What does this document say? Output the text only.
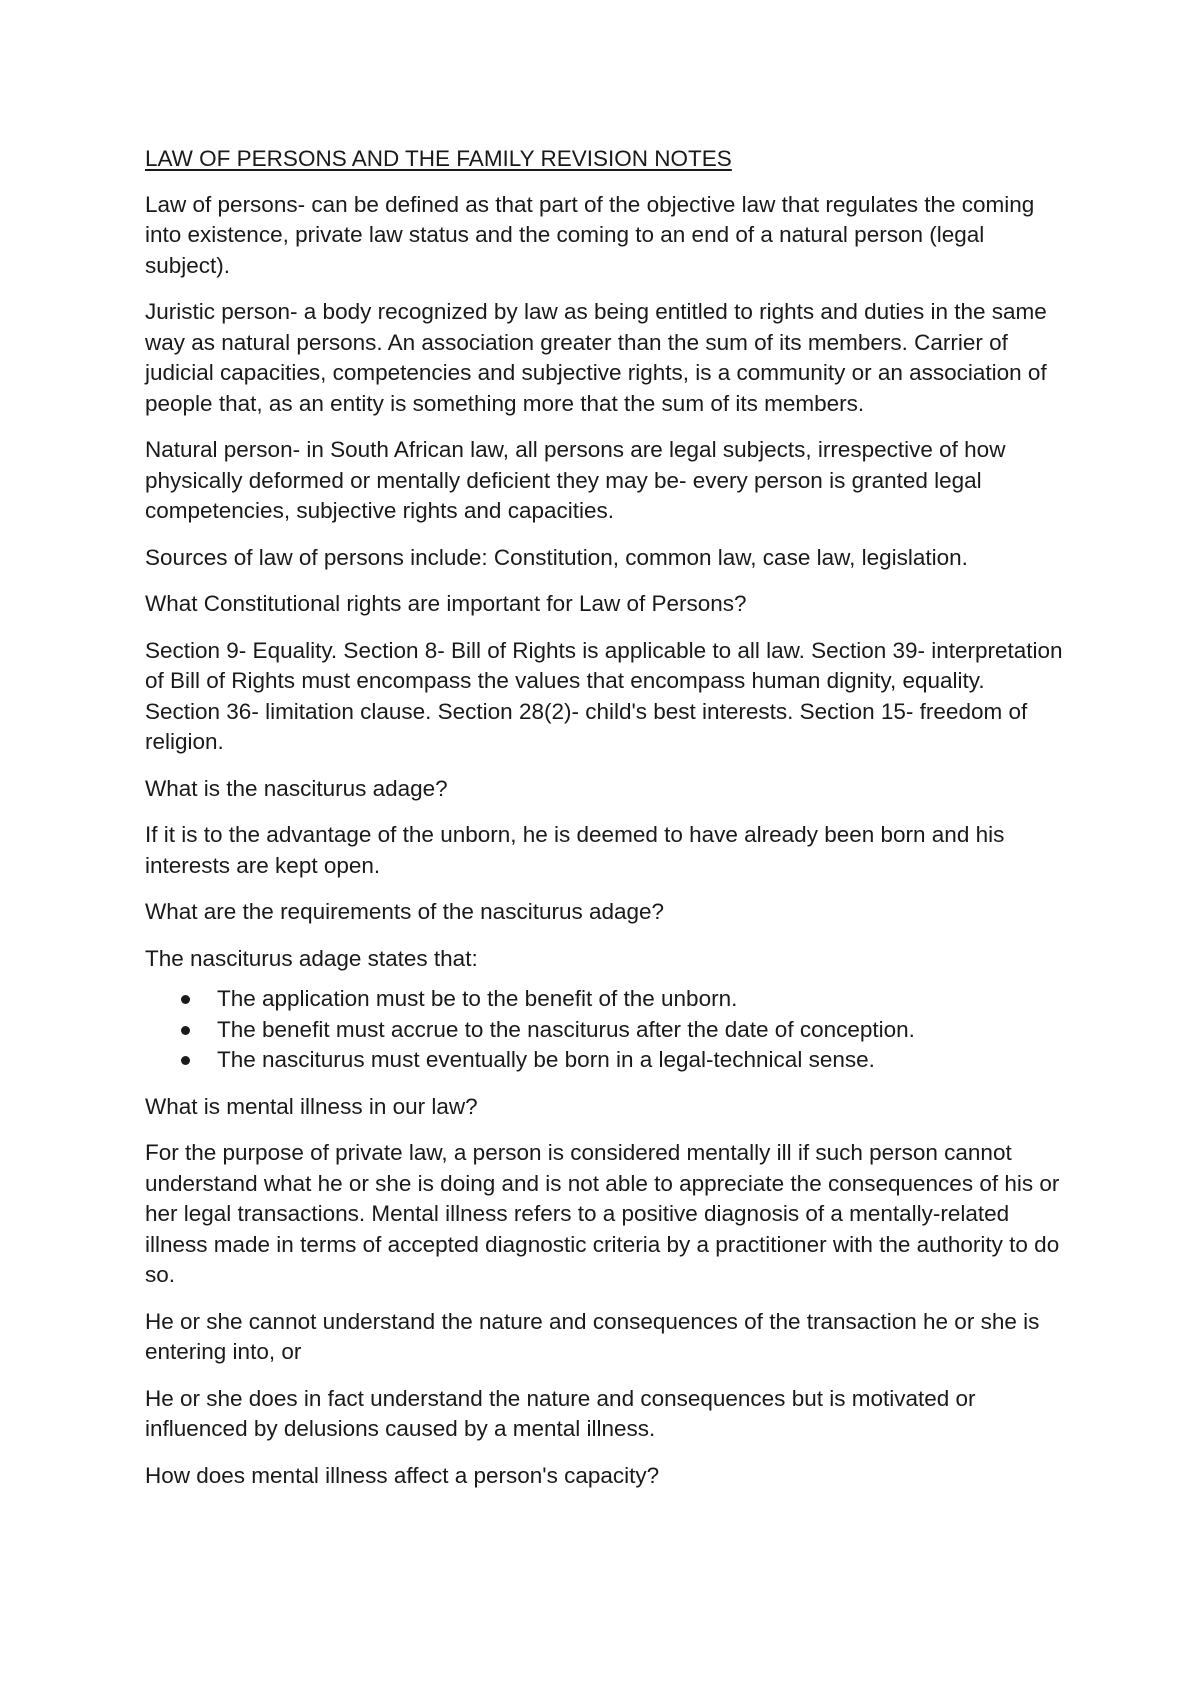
LAW OF PERSONS AND THE FAMILY REVISION NOTES

Law of persons- can be defined as that part of the objective law that regulates the coming into existence, private law status and the coming to an end of a natural person (legal subject).

Juristic person- a body recognized by law as being entitled to rights and duties in the same way as natural persons. An association greater than the sum of its members. Carrier of judicial capacities, competencies and subjective rights, is a community or an association of people that, as an entity is something more that the sum of its members.

Natural person- in South African law, all persons are legal subjects, irrespective of how physically deformed or mentally deficient they may be- every person is granted legal competencies, subjective rights and capacities.

Sources of law of persons include: Constitution, common law, case law, legislation.

What Constitutional rights are important for Law of Persons?

Section 9- Equality. Section 8- Bill of Rights is applicable to all law. Section 39- interpretation of Bill of Rights must encompass the values that encompass human dignity, equality. Section 36- limitation clause. Section 28(2)- child's best interests. Section 15- freedom of religion.

What is the nasciturus adage?

If it is to the advantage of the unborn, he is deemed to have already been born and his interests are kept open.

What are the requirements of the nasciturus adage?

The nasciturus adage states that:

The application must be to the benefit of the unborn.
The benefit must accrue to the nasciturus after the date of conception.
The nasciturus must eventually be born in a legal-technical sense.

What is mental illness in our law?

For the purpose of private law, a person is considered mentally ill if such person cannot understand what he or she is doing and is not able to appreciate the consequences of his or her legal transactions. Mental illness refers to a positive diagnosis of a mentally-related illness made in terms of accepted diagnostic criteria by a practitioner with the authority to do so.

He or she cannot understand the nature and consequences of the transaction he or she is entering into, or

He or she does in fact understand the nature and consequences but is motivated or influenced by delusions caused by a mental illness.

How does mental illness affect a person's capacity?
